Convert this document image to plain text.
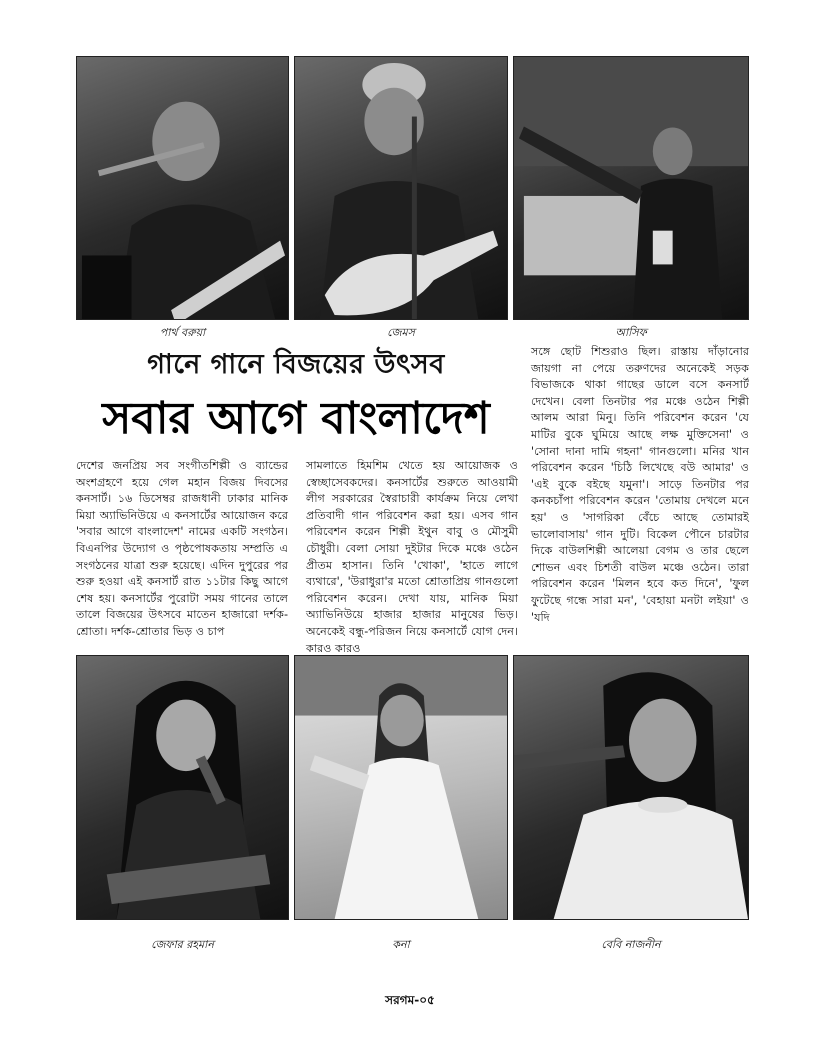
পার্থ বরুয়া	জেমস	আসিফ
গানে গানে বিজয়ের উৎসব
সবার আগে বাংলাদেশ
দেশের জনপ্রিয় সব সংগীতশিল্পী ও ব্যান্ডের অংশগ্রহণে হয়ে গেল মহান বিজয় দিবসের কনসার্ট। ১৬ ডিসেম্বর রাজধানী ঢাকার মানিক মিয়া অ্যাভিনিউয়ে এ কনসার্টের আয়োজন করে 'সবার আগে বাংলাদেশ' নামের একটি সংগঠন। বিএনপির উদ্যোগ ও পৃষ্ঠপোষকতায় সম্প্রতি এ সংগঠনের যাত্রা শুরু হয়েছে। এদিন দুপুরের পর শুরু হওয়া এই কনসার্ট রাত ১১টার কিছু আগে শেষ হয়। কনসার্টের পুরোটা সময় গানের তালে তালে বিজয়ের উৎসবে মাতেন হাজারো দর্শক-শ্রোতা। দর্শক-শ্রোতার ভিড় ও চাপ
সামলাতে হিমশিম খেতে হয় আয়োজক ও স্বেচ্ছাসেবকদের। কনসার্টের শুরুতে আওয়ামী লীগ সরকারের স্বৈরাচারী কার্যক্রম নিয়ে লেখা প্রতিবাদী গান পরিবেশন করা হয়। এসব গান পরিবেশন করেন শিল্পী ইথুন বাবু ও মৌসুমী চৌধুরী। বেলা সোয়া দুইটার দিকে মঞ্চে ওঠেন প্রীতম হাসান। তিনি 'খোকা', 'হাতে লাগে ব্যথারে', 'উরাধুরা'র মতো শ্রোতাপ্রিয় গানগুলো পরিবেশন করেন। দেখা যায়, মানিক মিয়া অ্যাভিনিউয়ে হাজার হাজার মানুষের ভিড়। অনেকেই বন্ধু-পরিজন নিয়ে কনসার্টে যোগ দেন। কারও কারও
সঙ্গে ছোট শিশুরাও ছিল। রাস্তায় দাঁড়ানোর জায়গা না পেয়ে তরুণদের অনেকেই সড়ক বিভাজকে থাকা গাছের ডালে বসে কনসার্ট দেখেন। বেলা তিনটার পর মঞ্চে ওঠেন শিল্পী আলম আরা মিনু। তিনি পরিবেশন করেন 'যে মাটির বুকে ঘুমিয়ে আছে লক্ষ মুক্তিসেনা' ও 'সোনা দানা দামি গহনা' গানগুলো। মনির খান পরিবেশন করেন 'চিঠি লিখেছে বউ আমার' ও 'এই বুকে বইছে যমুনা'। সাড়ে তিনটার পর কনকচাঁপা পরিবেশন করেন 'তোমায় দেখলে মনে হয়' ও 'সাগরিকা বেঁচে আছে তোমারই ভালোবাসায়' গান দুটি। বিকেল পৌনে চারটার দিকে বাউলশিল্পী আলেয়া বেগম ও তার ছেলে শোভন এবং চিশতী বাউল মঞ্চে ওঠেন। তারা পরিবেশন করেন 'মিলন হবে কত দিনে', 'ফুল ফুটেছে গন্ধে সারা মন', 'বেহায়া মনটা লইয়া' ও 'যদি
জেফার রহমান	কনা	বেবি নাজনীন
সরগম-০৫
